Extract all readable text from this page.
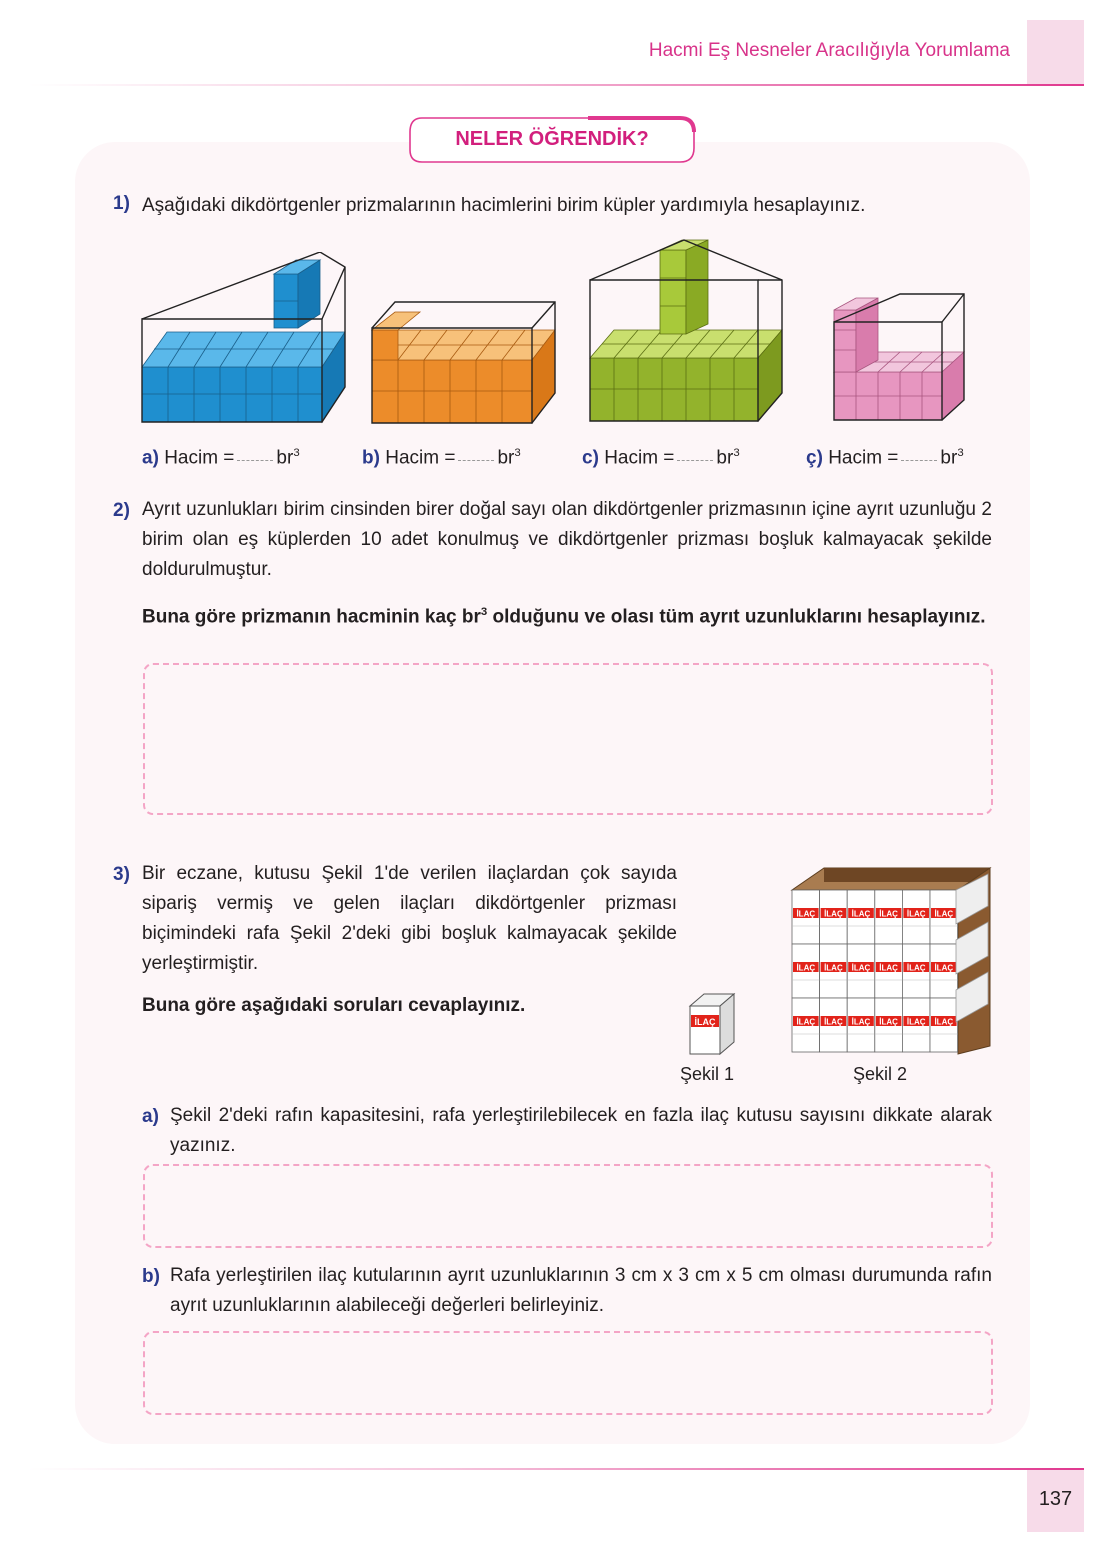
Hacmi Eş Nesneler Aracılığıyla Yorumlama
NELER ÖĞRENDİK?
1) Aşağıdaki dikdörtgenler prizmalarının hacimlerini birim küpler yardımıyla hesaplayınız.
a) Hacim = $br^3$	b) Hacim = $br^3$	c) Hacim = $br^3$	ç) Hacim = $br^3$
2) Ayrıt uzunlukları birim cinsinden birer doğal sayı olan dikdörtgenler prizmasının içine ayrıt uzunluğu 2 birim olan eş küplerden 10 adet konulmuş ve dikdörtgenler prizması boşluk kalmayacak şekilde doldurulmuştur.
Buna göre prizmanın hacminin kaç $br^3$ olduğunu ve olası tüm ayrıt uzunluklarını hesaplayınız.
3) Bir eczane, kutusu Şekil 1'de verilen ilaçlardan çok sayıda sipariş vermiş ve gelen ilaçları dikdörtgenler prizması biçimindeki rafa Şekil 2'deki gibi boşluk kalmayacak şekilde yerleştirmiştir.
Buna göre aşağıdaki soruları cevaplayınız.
İLAÇ
Şekil 1
İLAÇ İLAÇ İLAÇ İLAÇ İLAÇ İLAÇ
İLAÇ İLAÇ İLAÇ İLAÇ İLAÇ İLAÇ
İLAÇ İLAÇ İLAÇ İLAÇ İLAÇ İLAÇ
Şekil 2
a) Şekil 2'deki rafın kapasitesini, rafa yerleştirilebilecek en fazla ilaç kutusu sayısını dikkate alarak yazınız.
b) Rafa yerleştirilen ilaç kutularının ayrıt uzunluklarının 3 cm x 3 cm x 5 cm olması durumunda rafın ayrıt uzunluklarının alabileceği değerleri belirleyiniz.
137
